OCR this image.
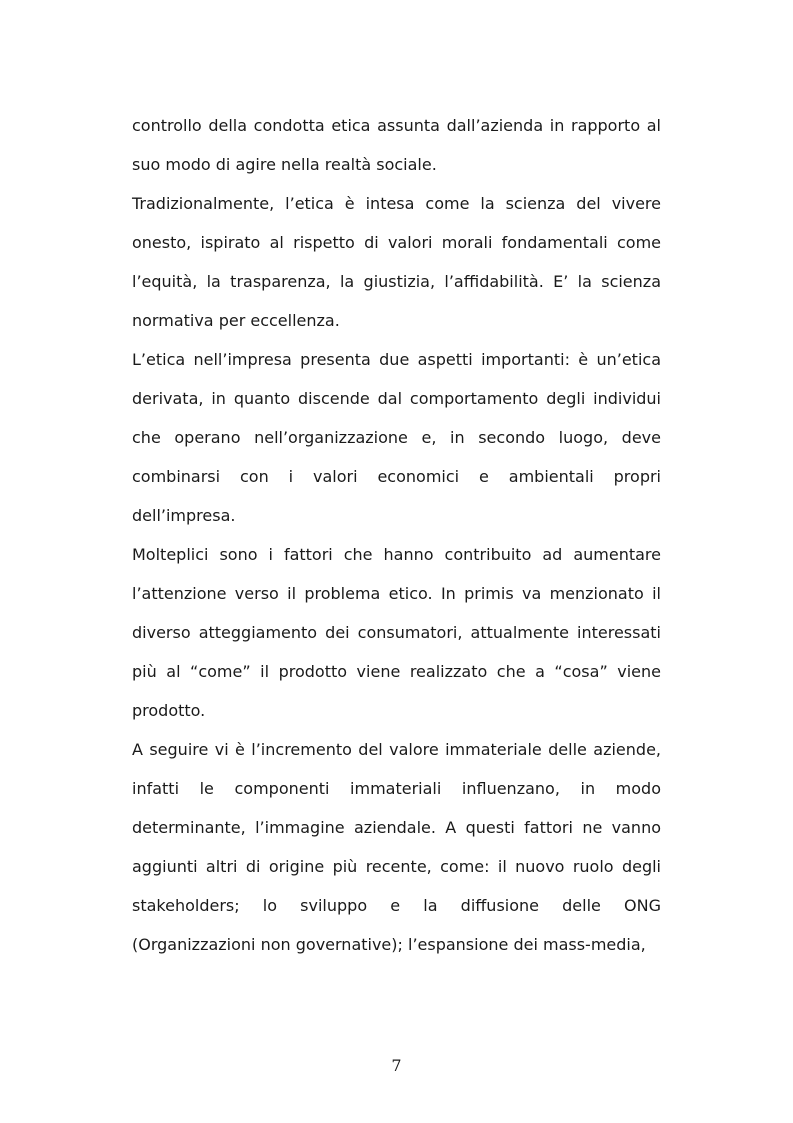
controllo della condotta etica assunta dall’azienda in rapporto al suo modo di agire nella realtà sociale.

Tradizionalmente, l’etica è intesa come la scienza del vivere onesto, ispirato al rispetto di valori morali fondamentali come l’equità, la trasparenza, la giustizia, l’affidabilità. E’ la scienza normativa per eccellenza.

L’etica nell’impresa presenta due aspetti importanti: è un’etica derivata, in quanto discende dal comportamento degli individui che operano nell’organizzazione e, in secondo luogo, deve combinarsi con i valori economici e ambientali propri dell’impresa.

Molteplici sono i fattori che hanno contribuito ad aumentare l’attenzione verso il problema etico. In primis va menzionato il diverso atteggiamento dei consumatori, attualmente interessati più al “come” il prodotto viene realizzato che a “cosa” viene prodotto.

A seguire vi è l’incremento del valore immateriale delle aziende, infatti le componenti immateriali influenzano, in modo determinante, l’immagine aziendale. A questi fattori ne vanno aggiunti altri di origine più recente, come: il nuovo ruolo degli stakeholders; lo sviluppo e la diffusione delle ONG (Organizzazioni non governative); l’espansione dei mass-media,

7
